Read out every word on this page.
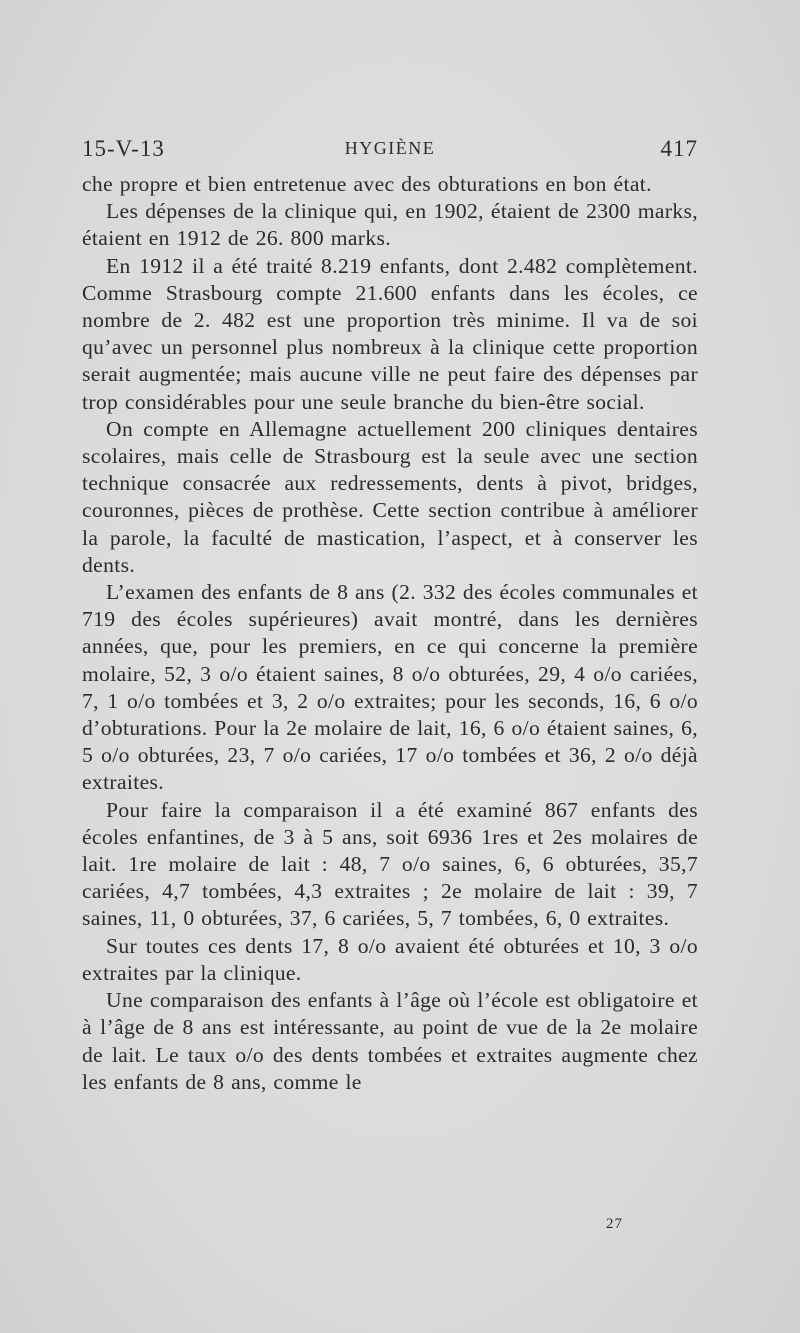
15-V-13	HYGIÈNE	417

che propre et bien entretenue avec des obturations en bon état.

Les dépenses de la clinique qui, en 1902, étaient de 2300 marks, étaient en 1912 de 26. 800 marks.

En 1912 il a été traité 8.219 enfants, dont 2.482 complètement. Comme Strasbourg compte 21.600 enfants dans les écoles, ce nombre de 2. 482 est une proportion très minime. Il va de soi qu’avec un personnel plus nombreux à la clinique cette proportion serait augmentée; mais aucune ville ne peut faire des dépenses par trop considérables pour une seule branche du bien-être social.

On compte en Allemagne actuellement 200 cliniques dentaires scolaires, mais celle de Strasbourg est la seule avec une section technique consacrée aux redressements, dents à pivot, bridges, couronnes, pièces de prothèse. Cette section contribue à améliorer la parole, la faculté de mastication, l’aspect, et à conserver les dents.

L’examen des enfants de 8 ans (2. 332 des écoles communales et 719 des écoles supérieures) avait montré, dans les dernières années, que, pour les premiers, en ce qui concerne la première molaire, 52, 3 o/o étaient saines, 8 o/o obturées, 29, 4 o/o cariées, 7, 1 o/o tombées et 3, 2 o/o extraites; pour les seconds, 16, 6 o/o d’obturations. Pour la 2e molaire de lait, 16, 6 o/o étaient saines, 6, 5 o/o obturées, 23, 7 o/o cariées, 17 o/o tombées et 36, 2 o/o déjà extraites.

Pour faire la comparaison il a été examiné 867 enfants des écoles enfantines, de 3 à 5 ans, soit 6936 1res et 2es molaires de lait. 1re molaire de lait : 48, 7 o/o saines, 6, 6 obturées, 35,7 cariées, 4,7 tombées, 4,3 extraites ; 2e molaire de lait : 39, 7 saines, 11, 0 obturées, 37, 6 cariées, 5, 7 tombées, 6, 0 extraites.

Sur toutes ces dents 17, 8 o/o avaient été obturées et 10, 3 o/o extraites par la clinique.

Une comparaison des enfants à l’âge où l’école est obligatoire et à l’âge de 8 ans est intéressante, au point de vue de la 2e molaire de lait. Le taux o/o des dents tombées et extraites augmente chez les enfants de 8 ans, comme le

27
